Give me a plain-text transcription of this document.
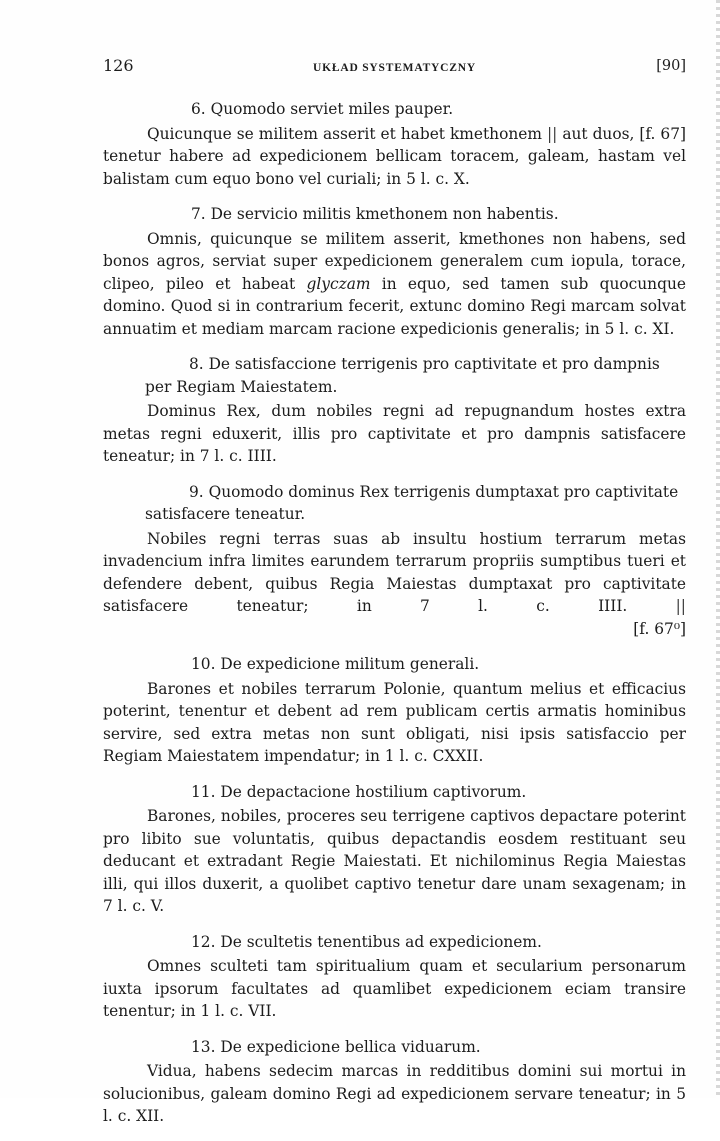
126	UKŁAD SYSTEMATYCZNY	[90]

6. Quomodo serviet miles pauper.

Quicunque se militem asserit et habet kmethonem || aut duos, [f. 67] tenetur habere ad expedicionem bellicam toracem, galeam, hastam vel balistam cum equo bono vel curiali; in 5 l. c. X.

7. De servicio militis kmethonem non habentis.

Omnis, quicunque se militem asserit, kmethones non habens, sed bonos agros, serviat super expedicionem generalem cum iopula, torace, clipeo, pileo et habeat glyczam in equo, sed tamen sub quocunque domino. Quod si in contrarium fecerit, extunc domino Regi marcam solvat annuatim et mediam marcam racione expedicionis generalis; in 5 l. c. XI.

8. De satisfaccione terrigenis pro captivitate et pro dampnis per Regiam Maiestatem.

Dominus Rex, dum nobiles regni ad repugnandum hostes extra metas regni eduxerit, illis pro captivitate et pro dampnis satisfacere teneatur; in 7 l. c. IIII.

9. Quomodo dominus Rex terrigenis dumptaxat pro captivitate satisfacere teneatur.

Nobiles regni terras suas ab insultu hostium terrarum metas invadencium infra limites earundem terrarum propriis sumptibus tueri et defendere debent, quibus Regia Maiestas dumptaxat pro captivitate satisfacere teneatur; in 7 l. c. IIII.	||[f. 67⁰]

10. De expedicione militum generali.

Barones et nobiles terrarum Polonie, quantum melius et efficacius poterint, tenentur et debent ad rem publicam certis armatis hominibus servire, sed extra metas non sunt obligati, nisi ipsis satisfaccio per Regiam Maiestatem impendatur; in 1 l. c. CXXII.

11. De depactacione hostilium captivorum.

Barones, nobiles, proceres seu terrigene captivos depactare poterint pro libito sue voluntatis, quibus depactandis eosdem restituant seu deducant et extradant Regie Maiestati. Et nichilominus Regia Maiestas illi, qui illos duxerit, a quolibet captivo tenetur dare unam sexagenam; in 7 l. c. V.

12. De scultetis tenentibus ad expedicionem.

Omnes sculteti tam spiritualium quam et secularium personarum iuxta ipsorum facultates ad quamlibet expedicionem eciam transire tenentur; in 1 l. c. VII.

13. De expedicione bellica viduarum.

Vidua, habens sedecim marcas in redditibus domini sui mortui in solucionibus, galeam domino Regi ad expedicionem servare teneatur; in 5 l. c. XII.
